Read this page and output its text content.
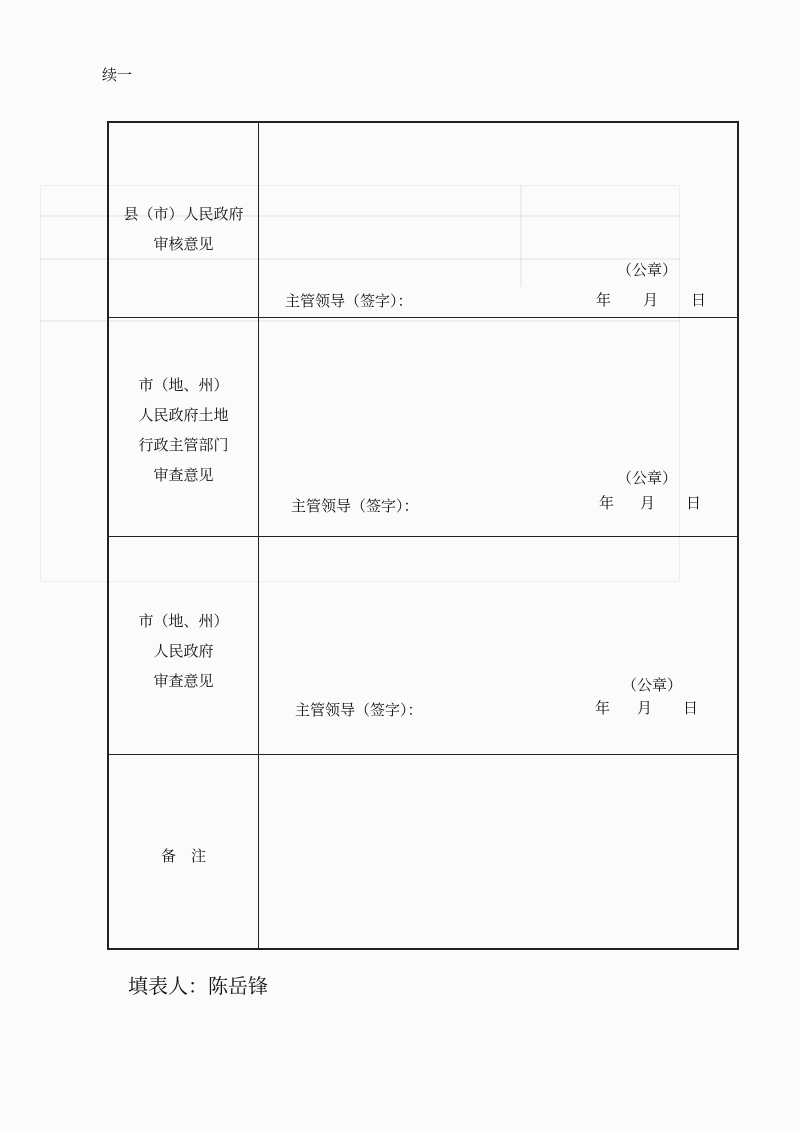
续一
县（市）人民政府
审核意见
（公章）
主管领导（签字）：	年 月 日
市（地、州）
人民政府土地
行政主管部门
审查意见	（公章）
主管领导（签字）：	年 月 日
市（地、州）
人民政府
审查意见	（公章）
主管领导（签字）：	年 月 日
备　注
填表人：陈岳锋
